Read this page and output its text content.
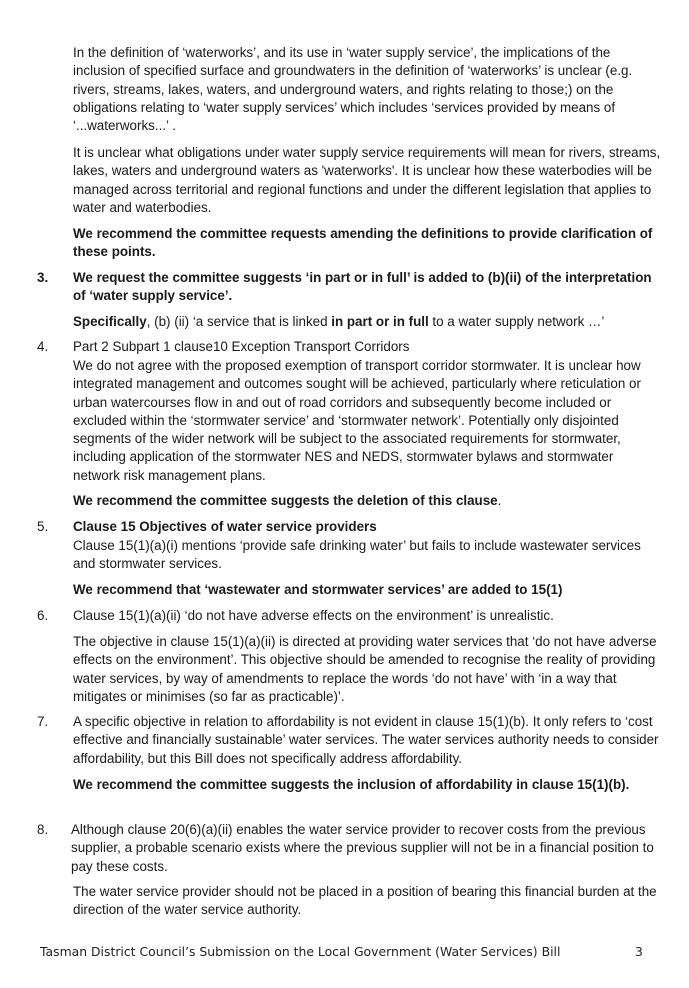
In the definition of ‘waterworks’, and its use in ‘water supply service’, the implications of the inclusion of specified surface and groundwaters in the definition of ‘waterworks’ is unclear (e.g. rivers, streams, lakes, waters, and underground waters, and rights relating to those;) on the obligations relating to ‘water supply services’ which includes ‘services provided by means of ‘...waterworks...’ .

It is unclear what obligations under water supply service requirements will mean for rivers, streams, lakes, waters and underground waters as 'waterworks'. It is unclear how these waterbodies will be managed across territorial and regional functions and under the different legislation that applies to water and waterbodies.

We recommend the committee requests amending the definitions to provide clarification of these points.

3. We request the committee suggests ‘in part or in full’ is added to (b)(ii) of the interpretation of ‘water supply service’.

Specifically, (b) (ii) ‘a service that is linked in part or in full to a water supply network …’

4. Part 2 Subpart 1 clause10 Exception Transport Corridors

We do not agree with the proposed exemption of transport corridor stormwater. It is unclear how integrated management and outcomes sought will be achieved, particularly where reticulation or urban watercourses flow in and out of road corridors and subsequently become included or excluded within the ‘stormwater service’ and ‘stormwater network’. Potentially only disjointed segments of the wider network will be subject to the associated requirements for stormwater, including application of the stormwater NES and NEDS, stormwater bylaws and stormwater network risk management plans.

We recommend the committee suggests the deletion of this clause.

5. Clause 15 Objectives of water service providers

Clause 15(1)(a)(i) mentions ‘provide safe drinking water’ but fails to include wastewater services and stormwater services.

We recommend that ‘wastewater and stormwater services’ are added to 15(1)

6. Clause 15(1)(a)(ii) ‘do not have adverse effects on the environment’ is unrealistic.

The objective in clause 15(1)(a)(ii) is directed at providing water services that ‘do not have adverse effects on the environment’. This objective should be amended to recognise the reality of providing water services, by way of amendments to replace the words ‘do not have’ with ‘in a way that mitigates or minimises (so far as practicable)’.

7. A specific objective in relation to affordability is not evident in clause 15(1)(b). It only refers to ‘cost effective and financially sustainable’ water services. The water services authority needs to consider affordability, but this Bill does not specifically address affordability.

We recommend the committee suggests the inclusion of affordability in clause 15(1)(b).

8. Although clause 20(6)(a)(ii) enables the water service provider to recover costs from the previous supplier, a probable scenario exists where the previous supplier will not be in a financial position to pay these costs.

The water service provider should not be placed in a position of bearing this financial burden at the direction of the water service authority.

Tasman District Council’s Submission on the Local Government (Water Services) Bill	3
